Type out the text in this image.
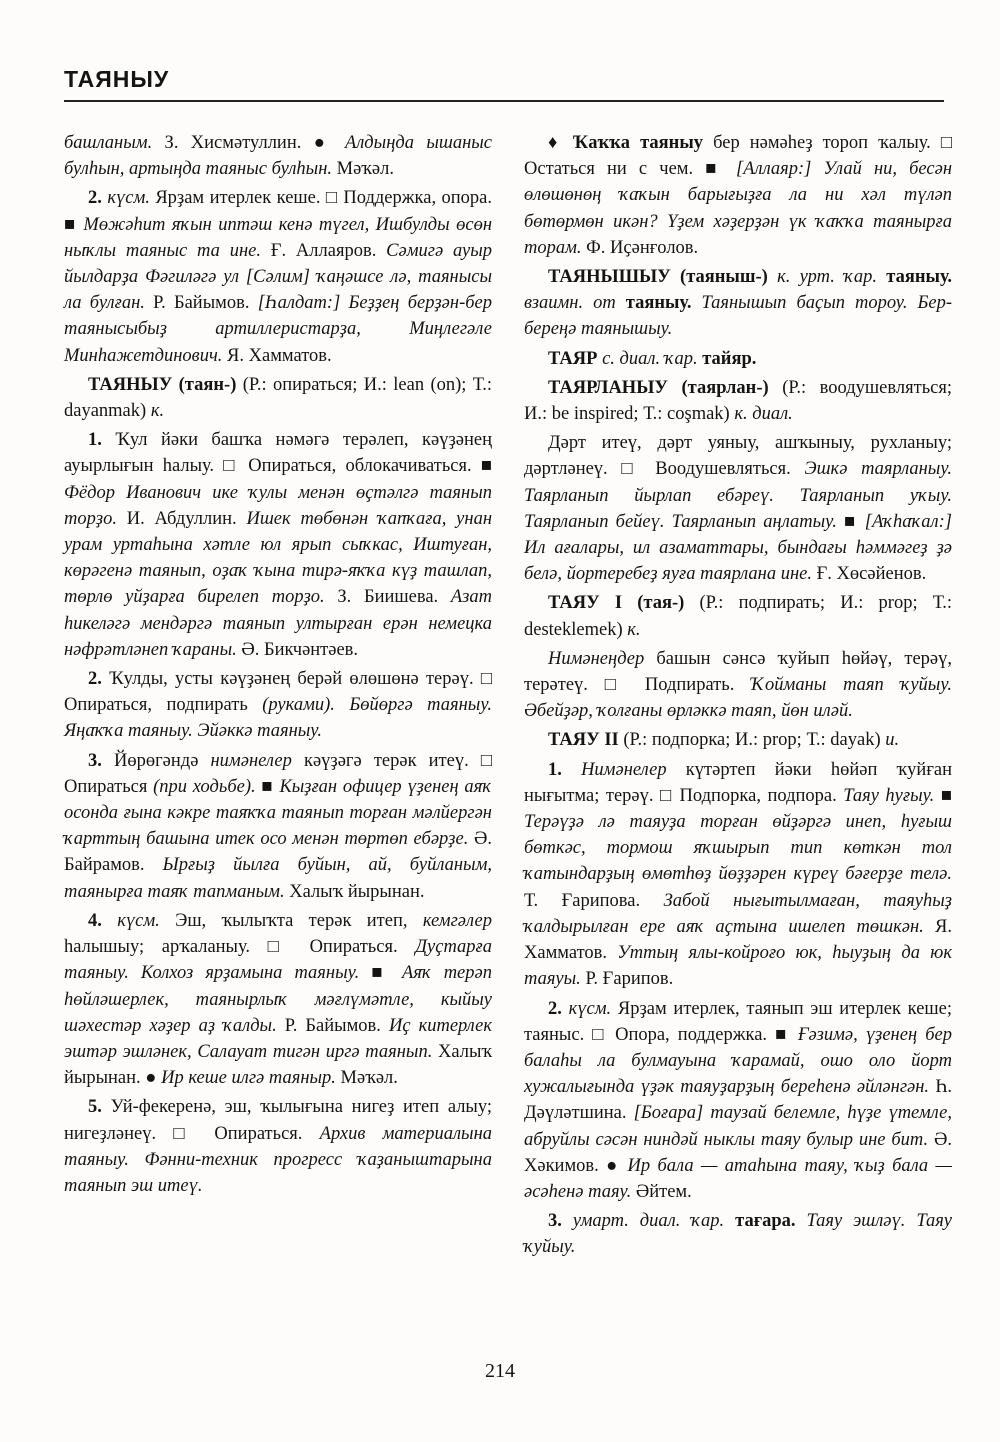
ТАЯНЫУ

башланым. З. Хисмәтуллин. ● Алдыңда ышаныс булһын, артыңда таяныс булһын. Мәҡәл.

2. күсм. Ярҙам итерлек кеше. □ Поддержка, опора. ■ Мөжәһит яҡын иптәш кенә түгел, Ишбулды өсөн ныҡлы таяныс та ине. Ғ. Аллаяров. Сәмигә ауыр йылдарҙа Фәгиләгә ул [Сәлим] ҡаңәшсе лә, таянысы ла булған. Р. Байымов. [Һалдат:] Беҙҙең берҙән-бер таянысыбыҙ артиллеристарҙа, Миңлегәле Минһажетдинович. Я. Хамматов.

ТАЯНЫУ (таян-) (Р.: опираться; И.: lean (on); Т.: dayanmak) к.

1. Ҡул йәки башҡа нәмәгә терәлеп, кәүҙәнең ауырлығын һалыу. □ Опираться, облокачиваться. ■ Фёдор Иванович ике ҡулы менән өҫтәлгә таянып торҙо. И. Абдуллин. Ишек төбөнән ҡапҡаға, унан урам уртаһына хәтле юл ярып сыҡкас, Иштуған, көрәгенә таянып, оҙаҡ ҡына тирә-яҡҡа күҙ ташлап, төрлө уйҙарға бирелеп торҙо. З. Биишева. Азат һикеләгә мендәргә таянып ултырған ерән немецка нәфрәтләнеп ҡараны. Ә. Бикчәнтәев.

2. Ҡулды, усты кәүҙәнең берәй өлөшөнә терәү. □ Опираться, подпирать (руками). Бөйөргә таяныу. Яңаҡҡа таяныу. Эйәккә таяныу.

3. Йөрөгәндә нимәнелер кәүҙәгә терәк итеү. □ Опираться (при ходьбе). ■ Кыҙған офицер үҙенең аяҡ осонда ғына кәкре таяҡҡа таянып торған мәлйергән ҡарттың башына итек осо менән төртөп ебәрҙе. Ә. Байрамов. Ырғыҙ йылға буйын, ай, буйланым, таянырға таяҡ тапманым. Халыҡ йырынан.

4. күсм. Эш, ҡылыҡта терәк итеп, кемгәлер һалышыу; арҡаланыу. □ Опираться. Дуҫтарға таяныу. Колхоз ярҙамына таяныу. ■ Аяҡ терәп һөйләшерлек, таянырлыҡ мәғлүмәтле, кыйыу шәхестәр хәҙер аҙ ҡалды. Р. Байымов. Иҫ китерлек эштәр эшләнек, Салауат тигән иргә таянып. Халыҡ йырынан. ● Ир кеше илгә таяныр. Мәҡәл.

5. Уй-фекеренә, эш, ҡылығына нигеҙ итеп алыу; нигеҙләнеү. □ Опираться. Архив материалына таяныу. Фәнни-техник прогресс ҡаҙаныштарына таянып эш итеү.

♦ Ҡаҡҡа таяныу бер нәмәһеҙ тороп ҡалыу. □ Остаться ни с чем. ■ [Аллаяр:] Улай ни, бесән өлөшөнөң ҡаҡын барығыҙға ла ни хәл түләп бөтөрмөн икән? Үҙем хәҙерҙән үк ҡаҡҡа таянырға торам. Ф. Иҫәнғолов.

ТАЯНЫШЫУ (таяныш-) к. урт. ҡар. таяныу. взаимн. от таяныу. Таянышып баҫып тороу. Бер-береңә таянышыу.

ТАЯР с. диал. ҡар. тайяр.

ТАЯРЛАНЫУ (таярлан-) (Р.: воодушевляться; И.: be inspired; Т.: coşmak) к. диал.

Дәрт итеү, дәрт уяныу, ашҡыныу, рухланыу; дәртләнеү. □ Воодушевляться. Эшкә таярланыу. Таярланып йырлап ебәреү. Таярланып уҡыу. Таярланып бейеү. Таярланып аңлатыу. ■ [Аҡһаҡал:] Ил ағалары, ил азаматтары, бындағы һәммәгеҙ ҙә белә, йортеребеҙ яуға таярлана ине. Ғ. Хөсәйенов.

ТАЯУ I (тая-) (Р.: подпирать; И.: prop; Т.: desteklemek) к.

Нимәнеңдер башын сәнсә ҡуйып һөйәү, терәү, терәтеү. □ Подпирать. Ҡойманы таяп ҡуйыу. Әбейҙәр, ҡолғаны өрләккә таяп, йөн иләй.

ТАЯУ II (Р.: подпорка; И.: prop; Т.: dayak) и.

1. Нимәнелер күтәртеп йәки һөйәп ҡуйған нығытма; терәү. □ Подпорка, подпора. Таяу һуғыу. ■ Терәүҙә лә таяуҙа торған өйҙәргә инеп, һуғыш бөткәс, тормош яҡшырып тип көткән тол ҡатындарҙың өмөтһөҙ йөҙҙәрен күреү бәғерҙе телә. Т. Ғарипова. Забой нығытылмаған, таяуһыҙ ҡалдырылған ере аяҡ аҫтына ишелеп төшкән. Я. Хамматов. Уттың ялы-койроғо юк, һыуҙың да юк таяуы. Р. Ғарипов.

2. күсм. Ярҙам итерлек, таянып эш итерлек кеше; таяныс. □ Опора, поддержка. ■ Ғәзимә, үҙенең бер балаһы ла булмауына ҡарамай, ошо оло йорт хужалығында үҙәк таяуҙарҙың береһенә әйләнгән. Һ. Дәүләтшина. [Боғара] таузай белемле, һүҙе үтемле, абруйлы сәсән ниндәй ныклы таяу булыр ине бит. Ә. Хәкимов. ● Ир бала — атаһына таяу, ҡыҙ бала — әсәһенә таяу. Әйтем.

3. умарт. диал. ҡар. тағара. Таяу эшләү. Таяу ҡуйыу.

214
